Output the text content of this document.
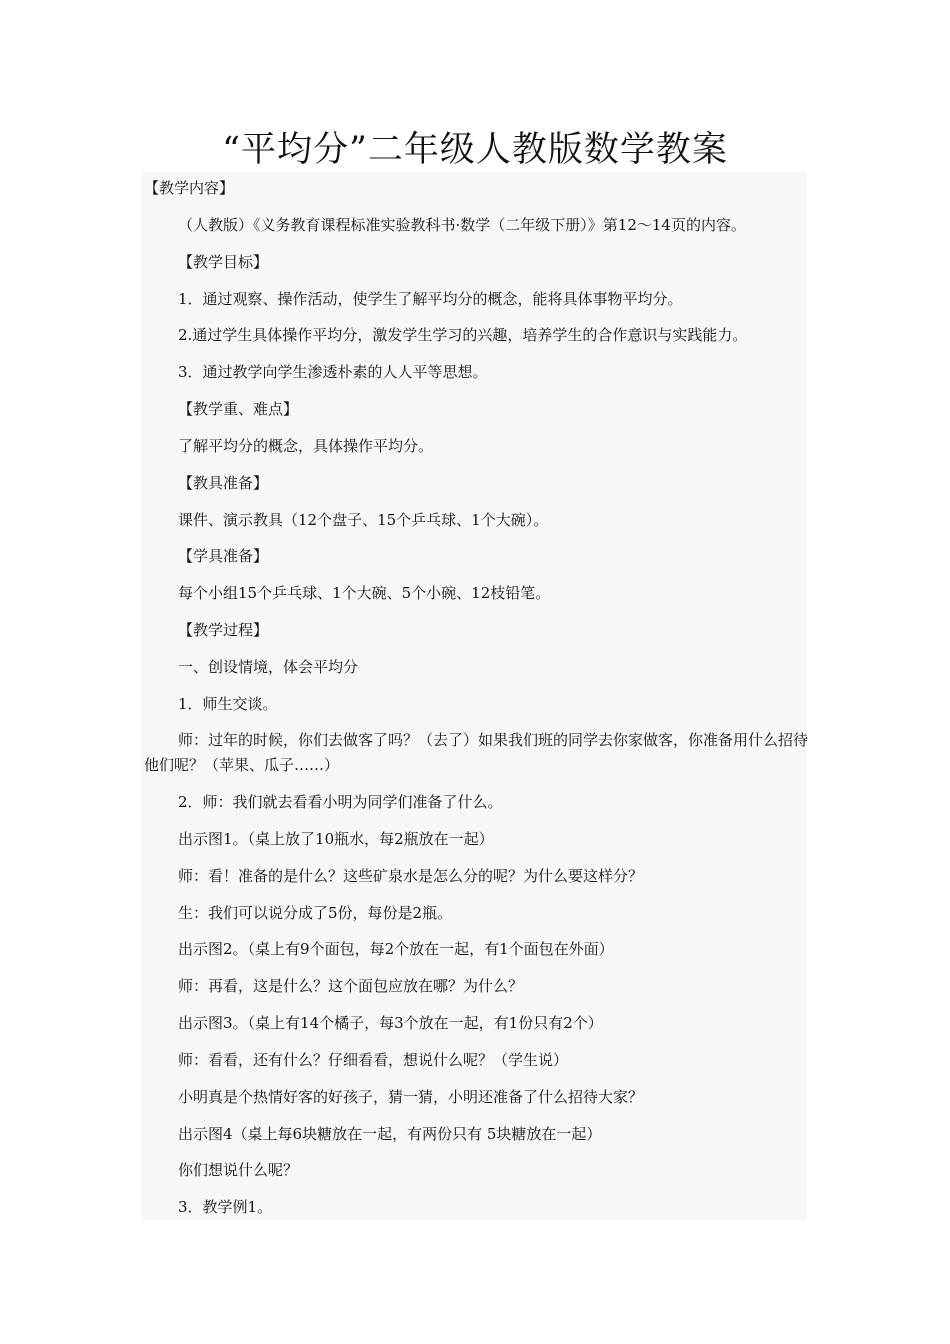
“平均分”二年级人教版数学教案
【教学内容】
（人教版）《义务教育课程标准实验教科书·数学（二年级下册）》第12～14页的内容。
【教学目标】
1．通过观察、操作活动，使学生了解平均分的概念，能将具体事物平均分。
2.通过学生具体操作平均分，激发学生学习的兴趣，培养学生的合作意识与实践能力。
3．通过教学向学生渗透朴素的人人平等思想。
【教学重、难点】
了解平均分的概念，具体操作平均分。
【教具准备】
课件、演示教具（12个盘子、15个乒乓球、1个大碗）。
【学具准备】
每个小组15个乒乓球、1个大碗、5个小碗、12枝铅笔。
【教学过程】
一、创设情境，体会平均分
1．师生交谈。
师：过年的时候，你们去做客了吗？（去了）如果我们班的同学去你家做客，你准备用什么招待他们呢？（苹果、瓜子……）
2．师：我们就去看看小明为同学们准备了什么。
出示图1。（桌上放了10瓶水，每2瓶放在一起）
师：看！准备的是什么？这些矿泉水是怎么分的呢？为什么要这样分？
生：我们可以说分成了5份，每份是2瓶。
出示图2。（桌上有9个面包，每2个放在一起，有1个面包在外面）
师：再看，这是什么？这个面包应放在哪？为什么？
出示图3。（桌上有14个橘子，每3个放在一起，有1份只有2个）
师：看看，还有什么？仔细看看，想说什么呢？（学生说）
小明真是个热情好客的好孩子，猜一猜，小明还准备了什么招待大家？
出示图4（桌上每6块糖放在一起，有两份只有 5块糖放在一起）
你们想说什么呢？
3．教学例1。
